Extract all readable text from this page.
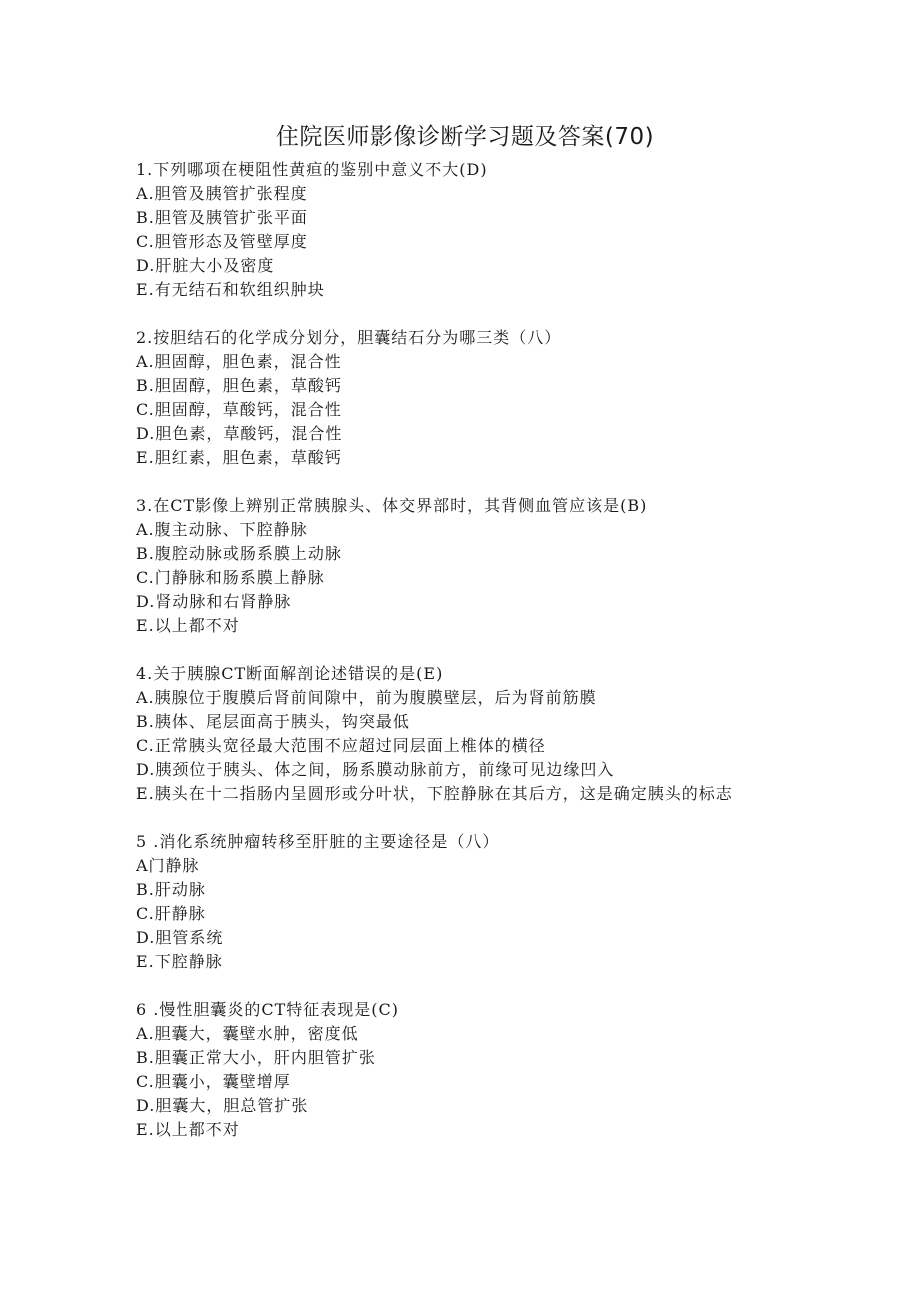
住院医师影像诊断学习题及答案(70)
1.下列哪项在梗阻性黄疸的鉴别中意义不大(D)
A.胆管及胰管扩张程度
B.胆管及胰管扩张平面
C.胆管形态及管壁厚度
D.肝脏大小及密度
E.有无结石和软组织肿块
2.按胆结石的化学成分划分，胆囊结石分为哪三类（八）
A.胆固醇，胆色素，混合性
B.胆固醇，胆色素，草酸钙
C.胆固醇，草酸钙，混合性
D.胆色素，草酸钙，混合性
E.胆红素，胆色素，草酸钙
3.在CT影像上辨别正常胰腺头、体交界部时，其背侧血管应该是(B)
A.腹主动脉、下腔静脉
B.腹腔动脉或肠系膜上动脉
C.门静脉和肠系膜上静脉
D.肾动脉和右肾静脉
E.以上都不对
4.关于胰腺CT断面解剖论述错误的是(E)
A.胰腺位于腹膜后肾前间隙中，前为腹膜壁层，后为肾前筋膜
B.胰体、尾层面高于胰头，钩突最低
C.正常胰头宽径最大范围不应超过同层面上椎体的横径
D.胰颈位于胰头、体之间，肠系膜动脉前方，前缘可见边缘凹入
E.胰头在十二指肠内呈圆形或分叶状，下腔静脉在其后方，这是确定胰头的标志
5 .消化系统肿瘤转移至肝脏的主要途径是（八）
A门静脉
B.肝动脉
C.肝静脉
D.胆管系统
E.下腔静脉
6 .慢性胆囊炎的CT特征表现是(C)
A.胆囊大，囊壁水肿，密度低
B.胆囊正常大小，肝内胆管扩张
C.胆囊小，囊壁增厚
D.胆囊大，胆总管扩张
E.以上都不对
